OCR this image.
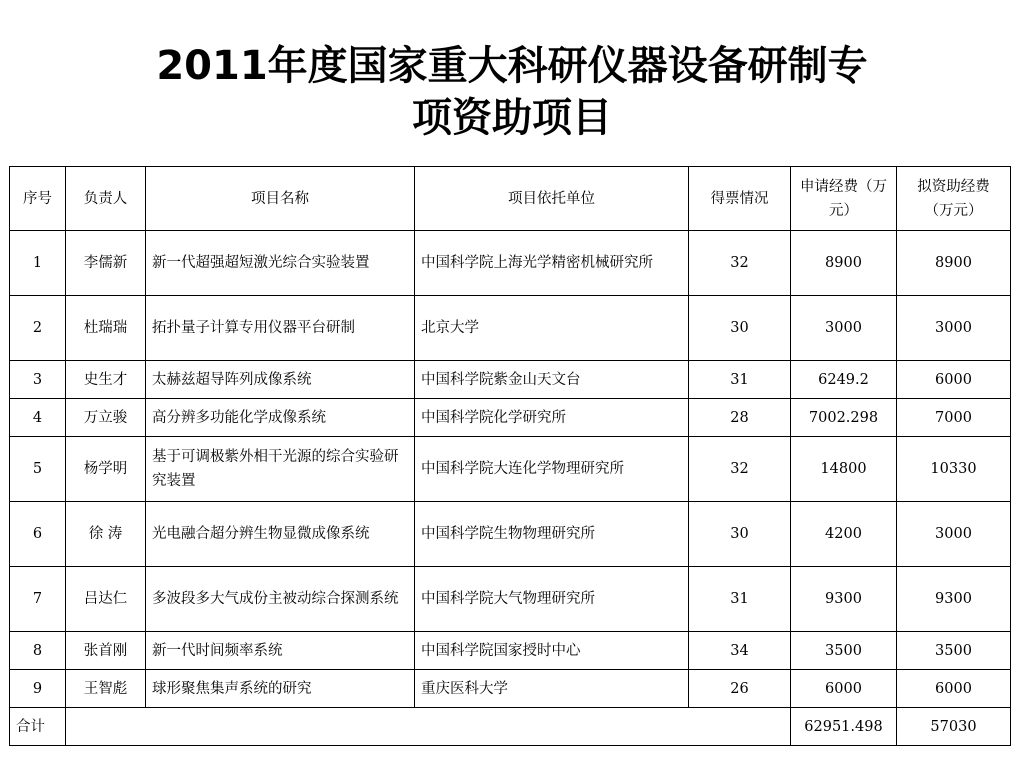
2011年度国家重大科研仪器设备研制专
项资助项目
序号	负责人	项目名称	项目依托单位	得票情况	申请经费（万元）	拟资助经费（万元）
1	李儒新	新一代超强超短激光综合实验装置	中国科学院上海光学精密机械研究所	32	8900	8900
2	杜瑞瑞	拓扑量子计算专用仪器平台研制	北京大学	30	3000	3000
3	史生才	太赫兹超导阵列成像系统	中国科学院紫金山天文台	31	6249.2	6000
4	万立骏	高分辨多功能化学成像系统	中国科学院化学研究所	28	7002.298	7000
5	杨学明	基于可调极紫外相干光源的综合实验研究装置	中国科学院大连化学物理研究所	32	14800	10330
6	徐 涛	光电融合超分辨生物显微成像系统	中国科学院生物物理研究所	30	4200	3000
7	吕达仁	多波段多大气成份主被动综合探测系统	中国科学院大气物理研究所	31	9300	9300
8	张首刚	新一代时间频率系统	中国科学院国家授时中心	34	3500	3500
9	王智彪	球形聚焦集声系统的研究	重庆医科大学	26	6000	6000
合计					62951.498	57030
